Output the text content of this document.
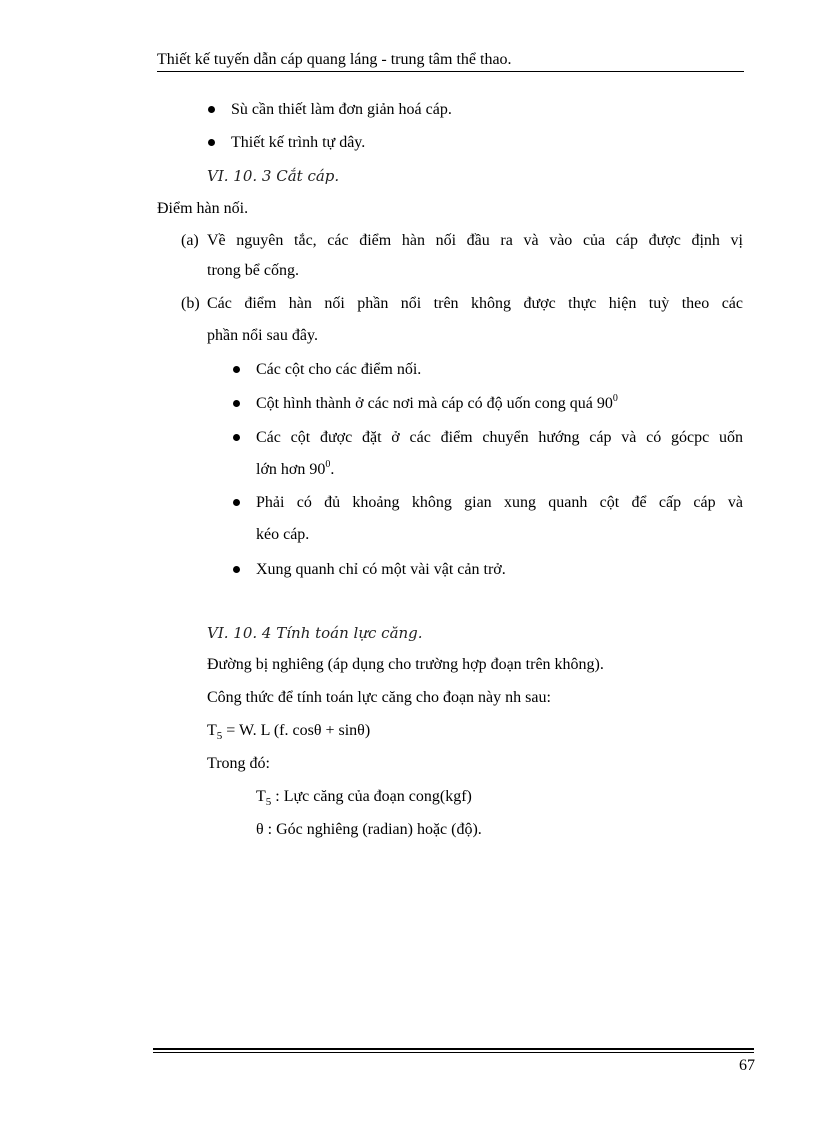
Thiết kế tuyến dẫn cáp quang láng - trung tâm thể thao.
Sù cần thiết làm đơn giản hoá cáp.
Thiết kế trình tự dây.
VI. 10. 3 Cắt cáp.
Điểm hàn nối.
(a) Về nguyên tắc, các điểm hàn nối đầu ra và vào của cáp được định vị
trong bể cống.
(b) Các điểm hàn nối phần nổi trên không được thực hiện tuỳ theo các
phần nổi sau đây.
Các cột cho các điểm nối.
Cột hình thành ở các nơi mà cáp có độ uốn cong quá $90^0$
Các cột được đặt ở các điểm chuyển hướng cáp và có gócpc uốn
lớn hơn $90^0$.
Phải có đủ khoảng không gian xung quanh cột để cấp cáp và
kéo cáp.
Xung quanh chỉ có một vài vật cản trở.
VI. 10. 4 Tính toán lực căng.
Đường bị nghiêng (áp dụng cho trường hợp đoạn trên không).
Công thức để tính toán lực căng cho đoạn này nh sau:
$T_5 = W$. L (f. cosθ + sinθ)
Trong đó:
$T_5$ : Lực căng của đoạn cong(kgf)
θ : Góc nghiêng (radian) hoặc (độ).
67
